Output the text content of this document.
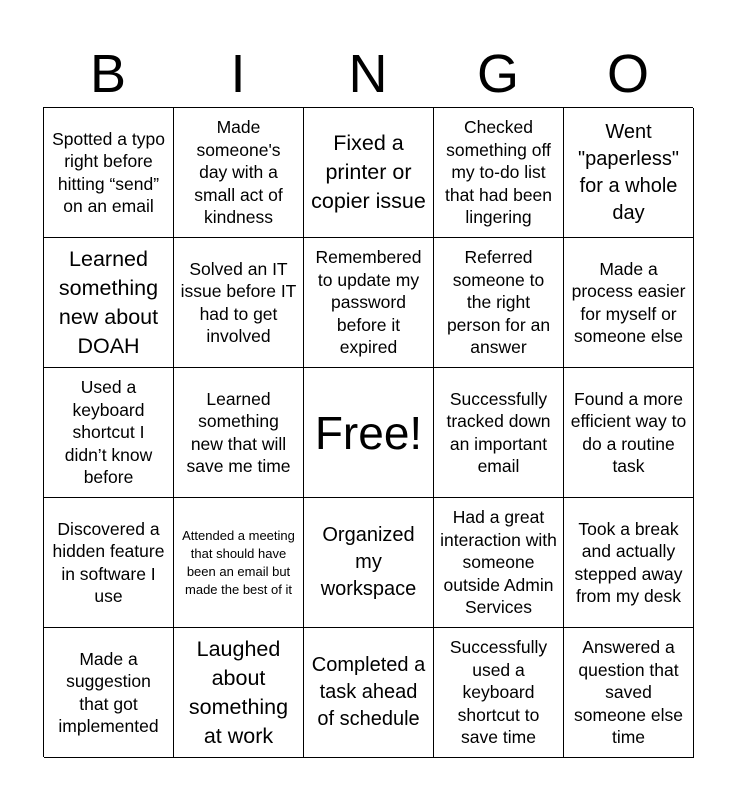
B	I	N	G	O
Spotted a typo right before hitting “send” on an email
Made someone's day with a small act of kindness
Fixed a printer or copier issue
Checked something off my to-do list that had been lingering
Went "paperless" for a whole day
Learned something new about DOAH
Solved an IT issue before IT had to get involved
Remembered to update my password before it expired
Referred someone to the right person for an answer
Made a process easier for myself or someone else
Used a keyboard shortcut I didn’t know before
Learned something new that will save me time
Free!
Successfully tracked down an important email
Found a more efficient way to do a routine task
Discovered a hidden feature in software I use
Attended a meeting that should have been an email but made the best of it
Organized my workspace
Had a great interaction with someone outside Admin Services
Took a break and actually stepped away from my desk
Made a suggestion that got implemented
Laughed about something at work
Completed a task ahead of schedule
Successfully used a keyboard shortcut to save time
Answered a question that saved someone else time
